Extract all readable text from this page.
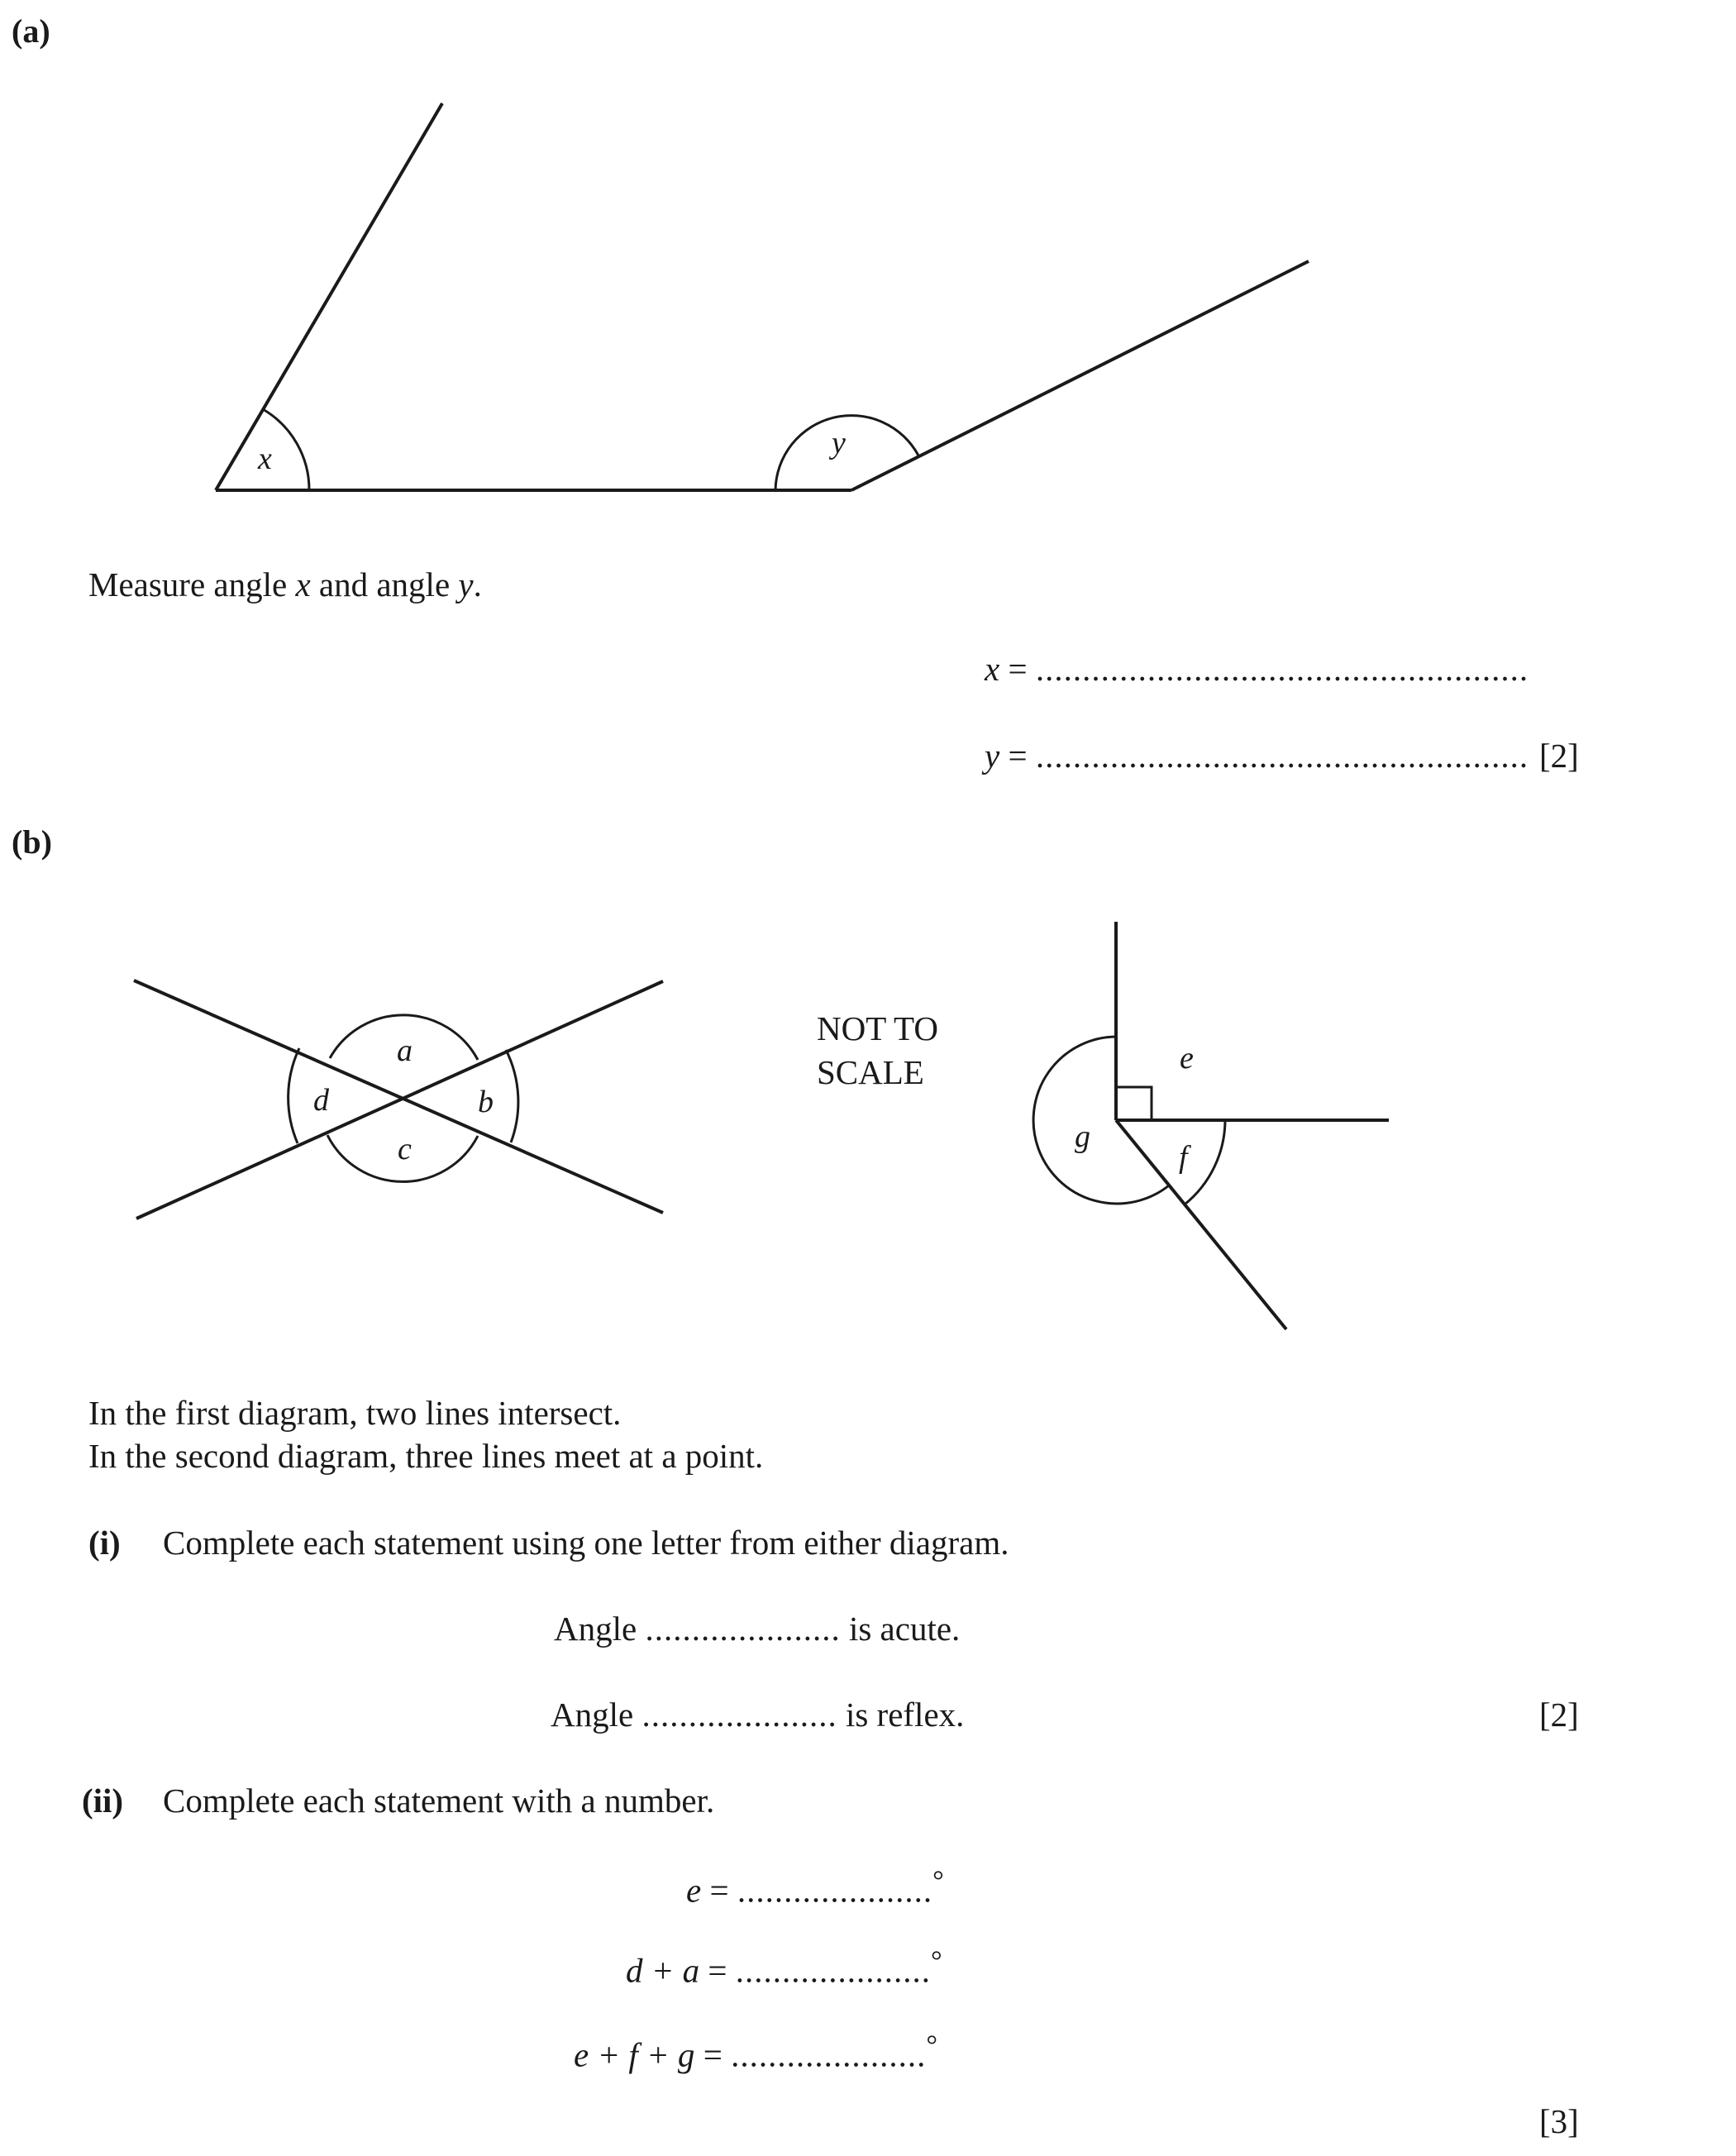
x	y
a
b
c
d
e
f
g
(a)
Measure angle x and angle y.
x = .....................................................
y = ..................................................... [2]
(b)
NOT TO
SCALE
In the first diagram, two lines intersect.
In the second diagram, three lines meet at a point.
(i) Complete each statement using one letter from either diagram.
Angle ..................... is acute.
Angle ..................... is reflex.	[2]
(ii) Complete each statement with a number.
e = .....................°
d + a = .....................°
e + f + g = .....................°
[3]
